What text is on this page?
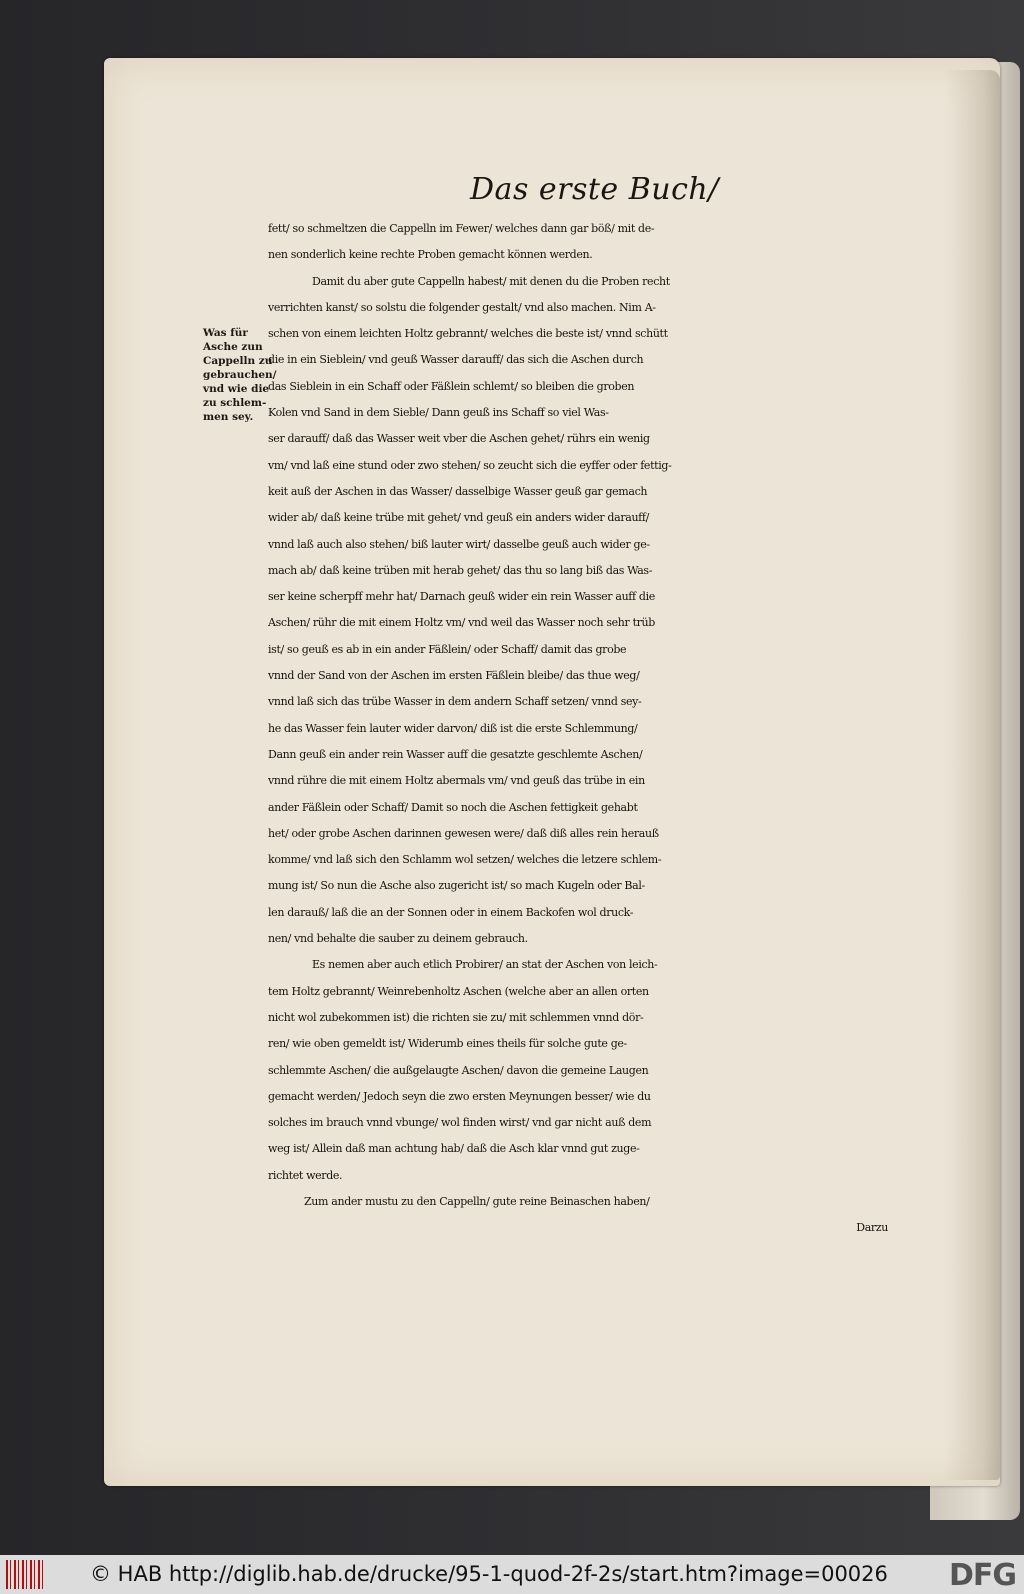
Das erste Buch/
Was für
Asche zun
Cappelln zu
gebrauchen/
vnd wie die
zu schlem-
men sey.
fett/ so schmeltzen die Cappelln im Fewer/ welches dann gar böß/ mit de-
nen sonderlich keine rechte Proben gemacht können werden.
Damit du aber gute Cappelln habest/ mit denen du die Proben recht
verrichten kanst/ so solstu die folgender gestalt/ vnd also machen. Nim A-
schen von einem leichten Holtz gebrannt/ welches die beste ist/ vnnd schütt
die in ein Sieblein/ vnd geuß Wasser darauff/ das sich die Aschen durch
das Sieblein in ein Schaff oder Fäßlein schlemt/ so bleiben die groben
Kolen vnd Sand in dem Sieble/ Dann geuß ins Schaff so viel Was-
ser darauff/ daß das Wasser weit vber die Aschen gehet/ rührs ein wenig
vm/ vnd laß eine stund oder zwo stehen/ so zeucht sich die eyffer oder fettig-
keit auß der Aschen in das Wasser/ dasselbige Wasser geuß gar gemach
wider ab/ daß keine trübe mit gehet/ vnd geuß ein anders wider darauff/
vnnd laß auch also stehen/ biß lauter wirt/ dasselbe geuß auch wider ge-
mach ab/ daß keine trüben mit herab gehet/ das thu so lang biß das Was-
ser keine scherpff mehr hat/ Darnach geuß wider ein rein Wasser auff die
Aschen/ rühr die mit einem Holtz vm/ vnd weil das Wasser noch sehr trüb
ist/ so geuß es ab in ein ander Fäßlein/ oder Schaff/ damit das grobe
vnnd der Sand von der Aschen im ersten Fäßlein bleibe/ das thue weg/
vnnd laß sich das trübe Wasser in dem andern Schaff setzen/ vnnd sey-
he das Wasser fein lauter wider darvon/ diß ist die erste Schlemmung/
Dann geuß ein ander rein Wasser auff die gesatzte geschlemte Aschen/
vnnd rühre die mit einem Holtz abermals vm/ vnd geuß das trübe in ein
ander Fäßlein oder Schaff/ Damit so noch die Aschen fettigkeit gehabt
het/ oder grobe Aschen darinnen gewesen were/ daß diß alles rein herauß
komme/ vnd laß sich den Schlamm wol setzen/ welches die letzere schlem-
mung ist/ So nun die Asche also zugericht ist/ so mach Kugeln oder Bal-
len darauß/ laß die an der Sonnen oder in einem Backofen wol druck-
nen/ vnd behalte die sauber zu deinem gebrauch.
Es nemen aber auch etlich Probirer/ an stat der Aschen von leich-
tem Holtz gebrannt/ Weinrebenholtz Aschen (welche aber an allen orten
nicht wol zubekommen ist) die richten sie zu/ mit schlemmen vnnd dör-
ren/ wie oben gemeldt ist/ Widerumb eines theils für solche gute ge-
schlemmte Aschen/ die außgelaugte Aschen/ davon die gemeine Laugen
gemacht werden/ Jedoch seyn die zwo ersten Meynungen besser/ wie du
solches im brauch vnnd vbunge/ wol finden wirst/ vnd gar nicht auß dem
weg ist/ Allein daß man achtung hab/ daß die Asch klar vnnd gut zuge-
richtet werde.
Zum ander mustu zu den Cappelln/ gute reine Beinaschen haben/
Darzu
© HAB http://diglib.hab.de/drucke/95-1-quod-2f-2s/start.htm?image=00026 DFG
